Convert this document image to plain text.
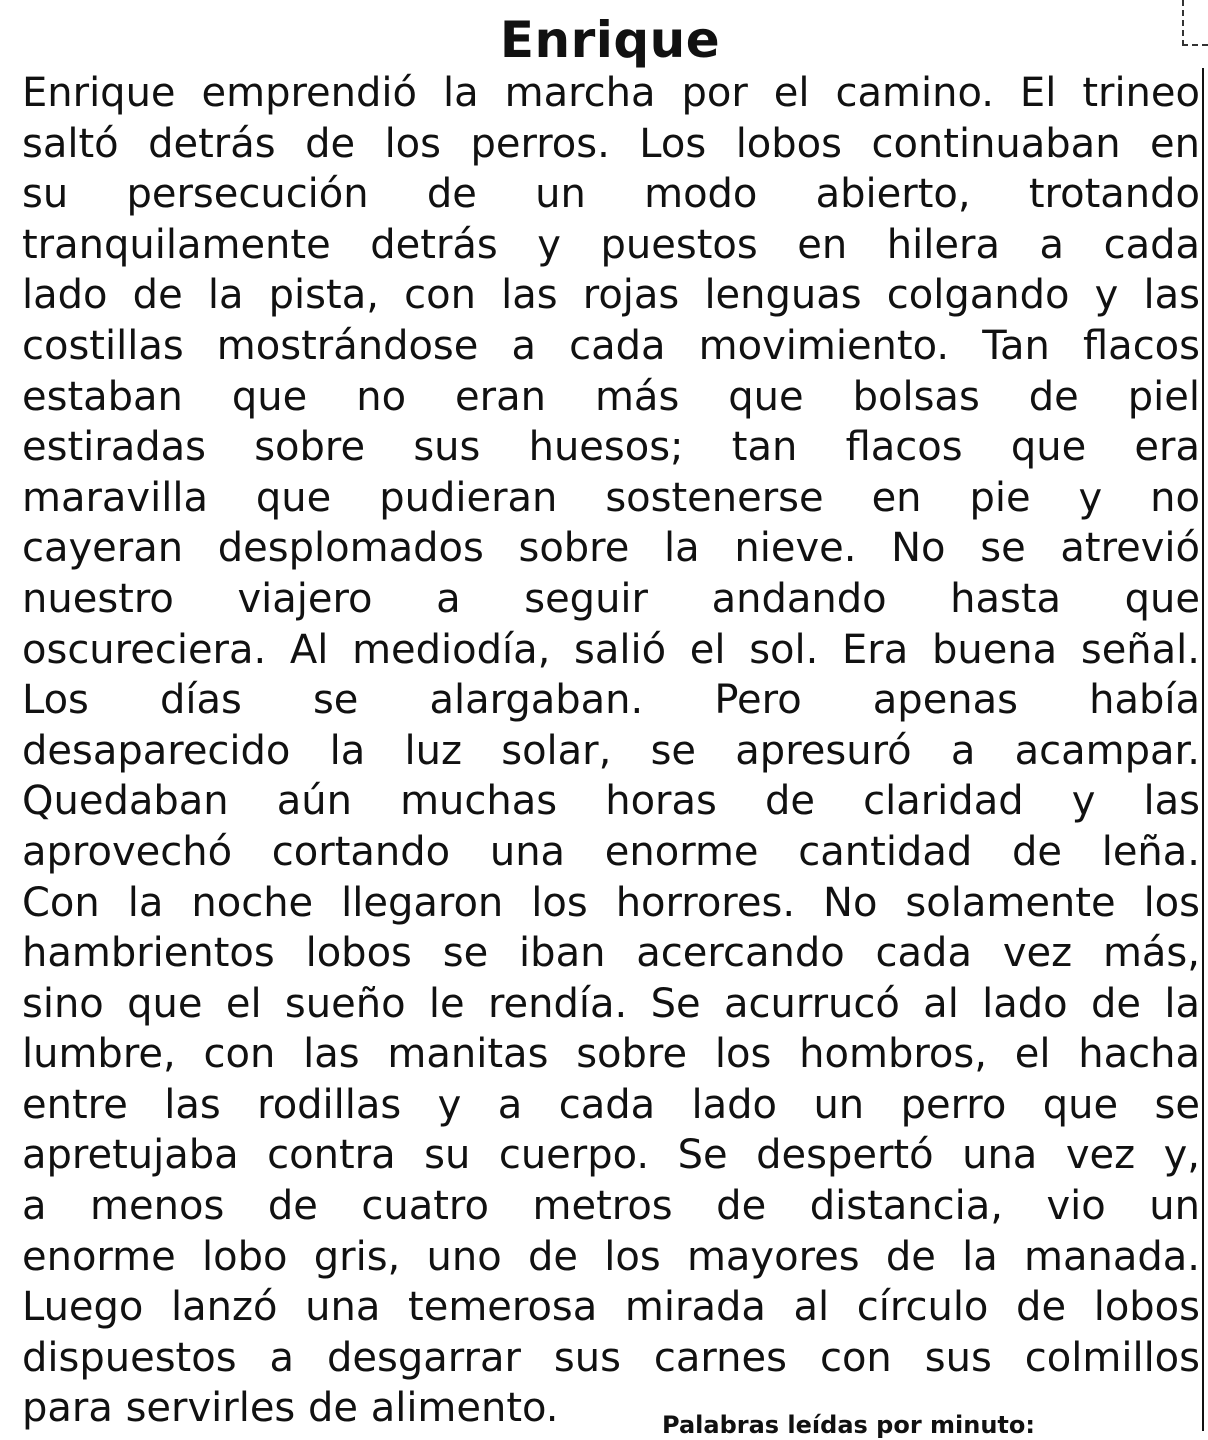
Enrique
Enrique emprendió la marcha por el camino. El trineo
saltó detrás de los perros. Los lobos continuaban en
su persecución de un modo abierto, trotando
tranquilamente detrás y puestos en hilera a cada
lado de la pista, con las rojas lenguas colgando y las
costillas mostrándose a cada movimiento. Tan flacos
estaban que no eran más que bolsas de piel
estiradas sobre sus huesos; tan flacos que era
maravilla que pudieran sostenerse en pie y no
cayeran desplomados sobre la nieve. No se atrevió
nuestro viajero a seguir andando hasta que
oscureciera. Al mediodía, salió el sol. Era buena señal.
Los días se alargaban. Pero apenas había
desaparecido la luz solar, se apresuró a acampar.
Quedaban aún muchas horas de claridad y las
aprovechó cortando una enorme cantidad de leña.
Con la noche llegaron los horrores. No solamente los
hambrientos lobos se iban acercando cada vez más,
sino que el sueño le rendía. Se acurrucó al lado de la
lumbre, con las manitas sobre los hombros, el hacha
entre las rodillas y a cada lado un perro que se
apretujaba contra su cuerpo. Se despertó una vez y,
a menos de cuatro metros de distancia, vio un
enorme lobo gris, uno de los mayores de la manada.
Luego lanzó una temerosa mirada al círculo de lobos
dispuestos a desgarrar sus carnes con sus colmillos
para servirles de alimento.	Palabras leídas por minuto:
